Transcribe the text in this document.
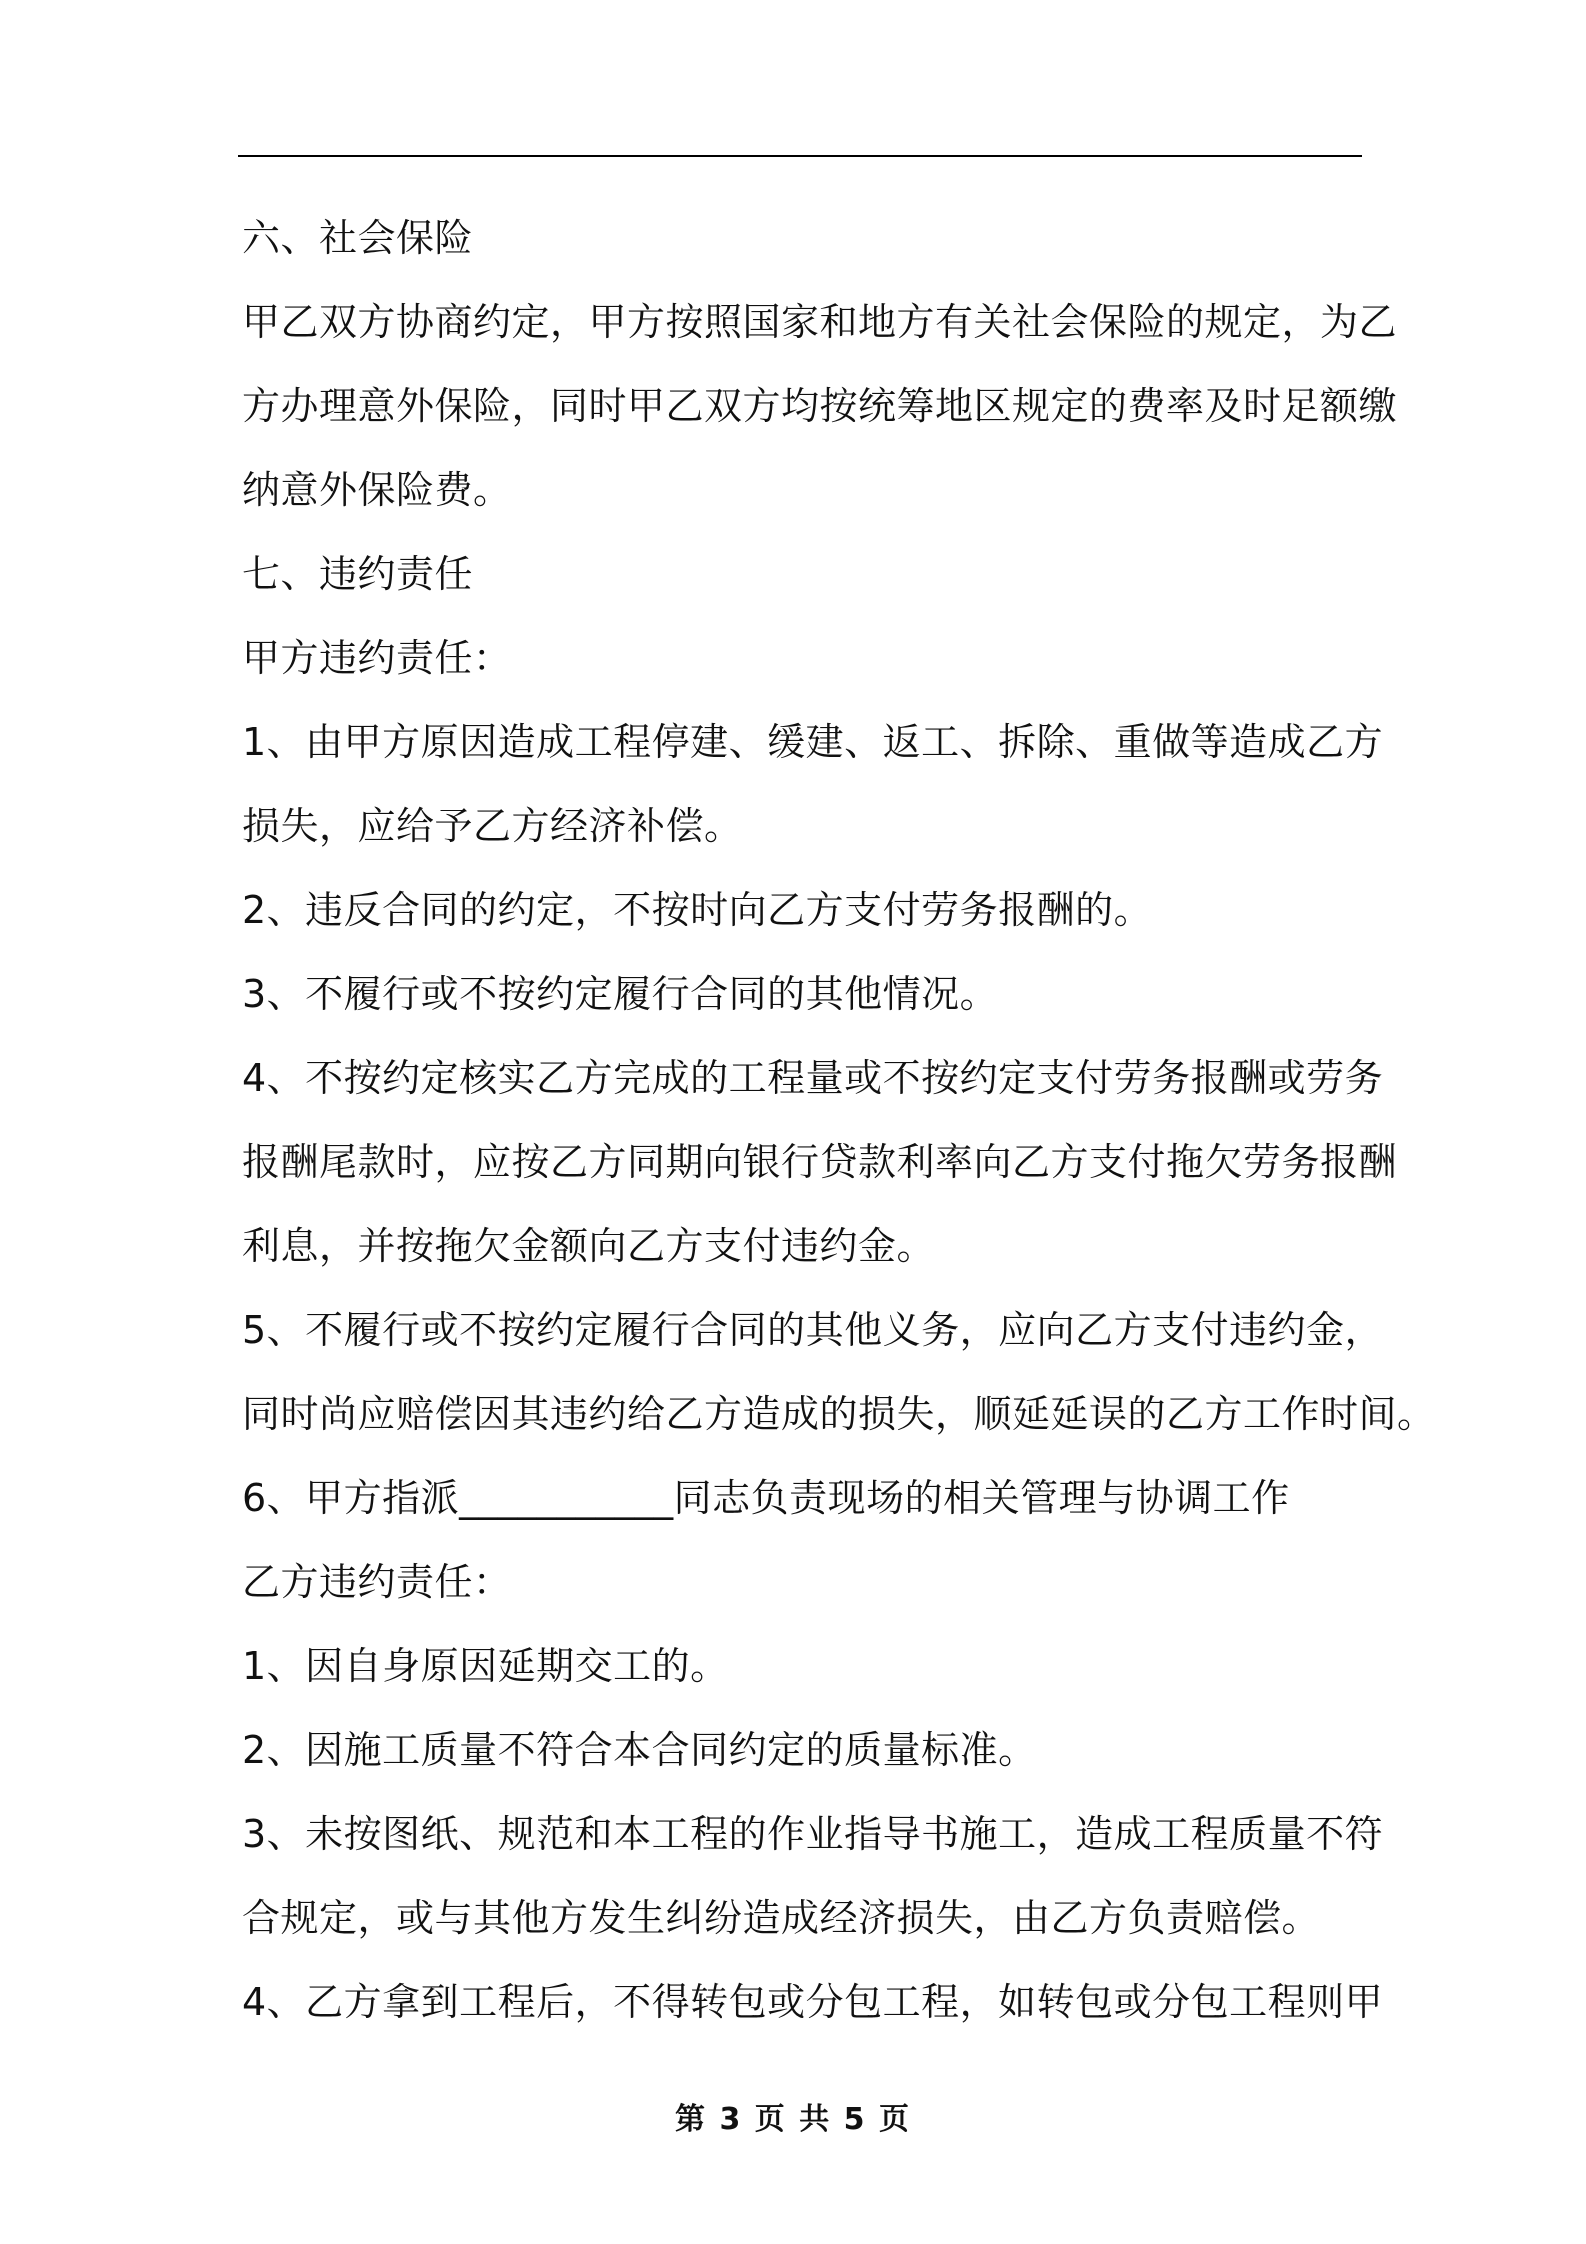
六、社会保险
甲乙双方协商约定，甲方按照国家和地方有关社会保险的规定，为乙
方办理意外保险，同时甲乙双方均按统筹地区规定的费率及时足额缴
纳意外保险费。
七、违约责任
甲方违约责任：
1、由甲方原因造成工程停建、缓建、返工、拆除、重做等造成乙方
损失，应给予乙方经济补偿。
2、违反合同的约定，不按时向乙方支付劳务报酬的。
3、不履行或不按约定履行合同的其他情况。
4、不按约定核实乙方完成的工程量或不按约定支付劳务报酬或劳务
报酬尾款时，应按乙方同期向银行贷款利率向乙方支付拖欠劳务报酬
利息，并按拖欠金额向乙方支付违约金。
5、不履行或不按约定履行合同的其他义务，应向乙方支付违约金，
同时尚应赔偿因其违约给乙方造成的损失，顺延延误的乙方工作时间。
6、甲方指派___________同志负责现场的相关管理与协调工作
乙方违约责任：
1、因自身原因延期交工的。
2、因施工质量不符合本合同约定的质量标准。
3、未按图纸、规范和本工程的作业指导书施工，造成工程质量不符
合规定，或与其他方发生纠纷造成经济损失，由乙方负责赔偿。
4、乙方拿到工程后，不得转包或分包工程，如转包或分包工程则甲
第 3 页 共 5 页
